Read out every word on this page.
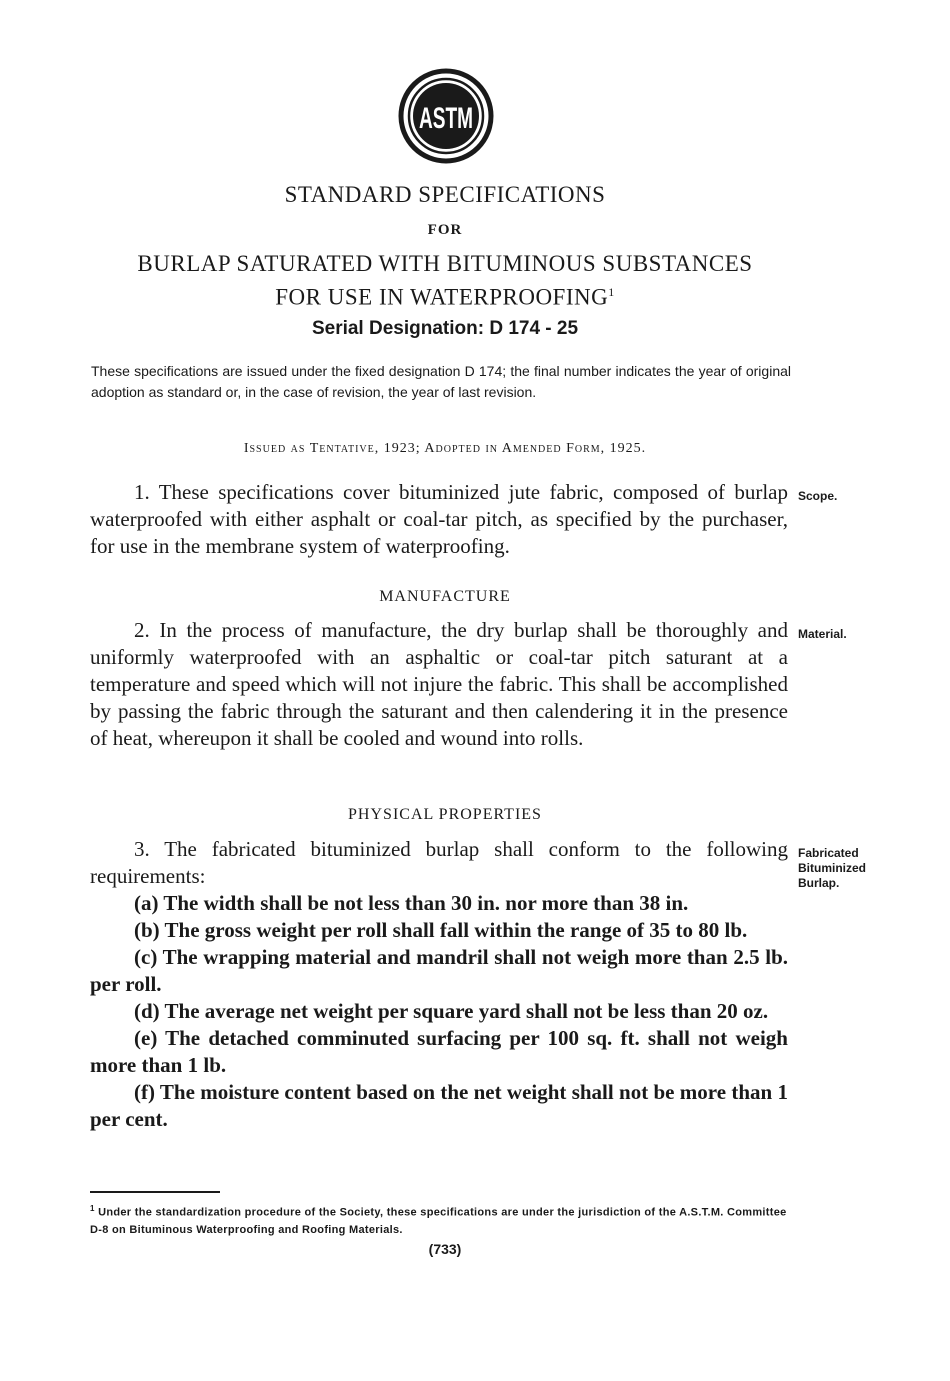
ASTM
STANDARD SPECIFICATIONS
FOR
BURLAP SATURATED WITH BITUMINOUS SUBSTANCES
FOR USE IN WATERPROOFING$^1$
Serial Designation: D 174 - 25
These specifications are issued under the fixed designation D 174; the final number indicates the year of original adoption as standard or, in the case of revision, the year of last revision.
Issued as Tentative, 1923; Adopted in Amended Form, 1925.
1. These specifications cover bituminized jute fabric, composed of burlap waterproofed with either asphalt or coal-tar pitch, as specified by the purchaser, for use in the membrane system of waterproofing.
Scope.
MANUFACTURE
2. In the process of manufacture, the dry burlap shall be thoroughly and uniformly waterproofed with an asphaltic or coal-tar pitch saturant at a temperature and speed which will not injure the fabric. This shall be accomplished by passing the fabric through the saturant and then calendering it in the presence of heat, whereupon it shall be cooled and wound into rolls.
Material.
PHYSICAL PROPERTIES
3. The fabricated bituminized burlap shall conform to the following requirements:
(a) The width shall be not less than 30 in. nor more than 38 in.
(b) The gross weight per roll shall fall within the range of 35 to 80 lb.
(c) The wrapping material and mandril shall not weigh more than 2.5 lb. per roll.
(d) The average net weight per square yard shall not be less than 20 oz.
(e) The detached comminuted surfacing per 100 sq. ft. shall not weigh more than 1 lb.
(f) The moisture content based on the net weight shall not be more than 1 per cent.
Fabricated Bituminized Burlap.
$^1$ Under the standardization procedure of the Society, these specifications are under the jurisdiction of the A.S.T.M. Committee D-8 on Bituminous Waterproofing and Roofing Materials.
(733)
